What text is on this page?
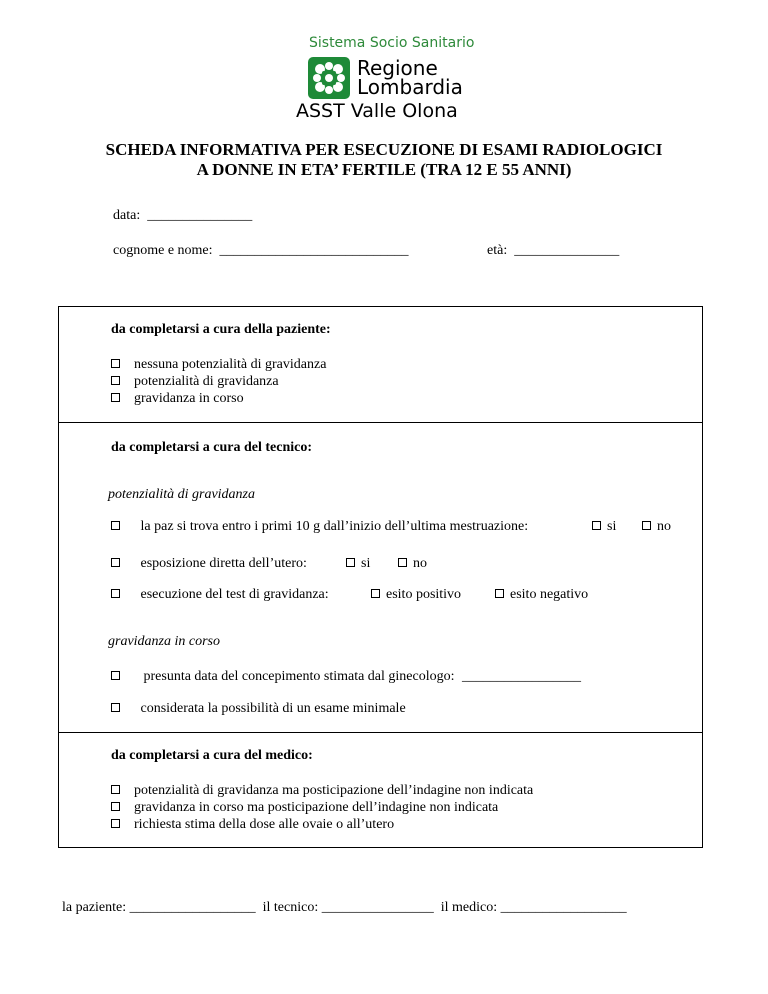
Sistema Socio Sanitario
Regione
Lombardia
ASST Valle Olona
SCHEDA INFORMATIVA PER ESECUZIONE DI ESAMI RADIOLOGICI
A DONNE IN ETA’ FERTILE (TRA 12 E 55 ANNI)
data: _______________
cognome e nome: ___________________________	età: _______________
da completarsi a cura della paziente:
nessuna potenzialità di gravidanza
potenzialità di gravidanza
gravidanza in corso
da completarsi a cura del tecnico:
potenzialità di gravidanza
la paz si trova entro i primi 10 g dall’inizio dell’ultima mestruazione:	si	no
esposizione diretta dell’utero:	si	no
esecuzione del test di gravidanza:	esito positivo	esito negativo
gravidanza in corso
presunta data del concepimento stimata dal ginecologo: _________________
considerata la possibilità di un esame minimale
da completarsi a cura del medico:
potenzialità di gravidanza ma posticipazione dell’indagine non indicata
gravidanza in corso ma posticipazione dell’indagine non indicata
richiesta stima della dose alle ovaie o all’utero
la paziente: __________________ il tecnico: ________________ il medico: __________________
